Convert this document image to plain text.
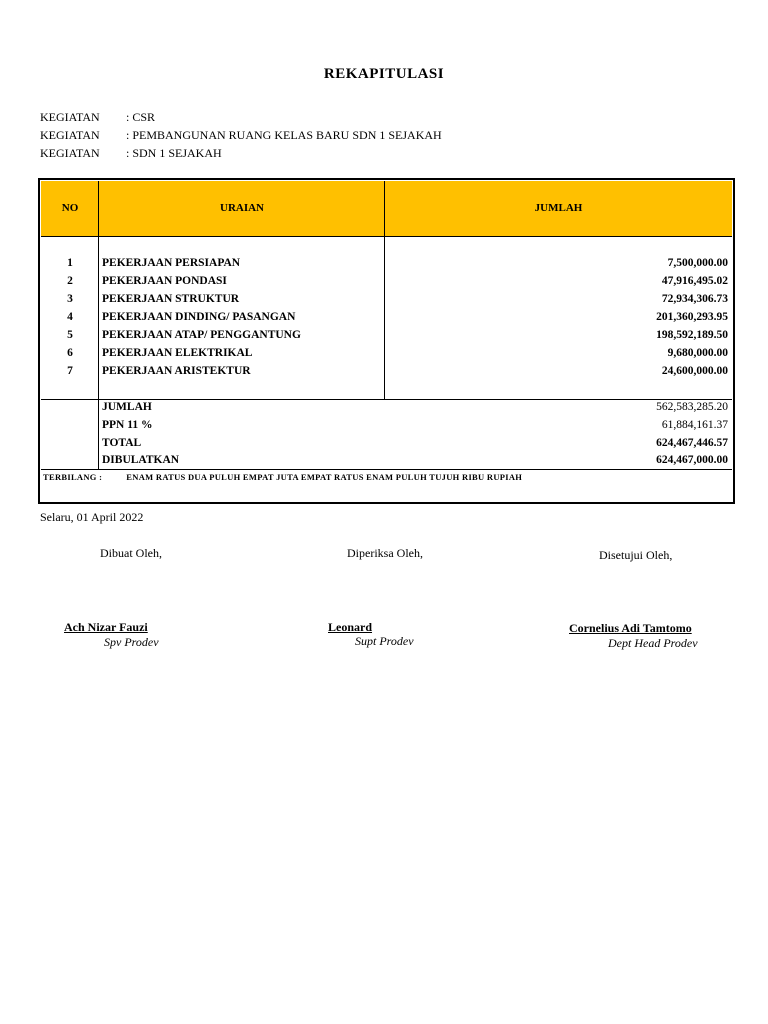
REKAPITULASI
KEGIATAN : CSR
KEGIATAN : PEMBANGUNAN RUANG KELAS BARU SDN 1 SEJAKAH
KEGIATAN : SDN 1 SEJAKAH
NO	URAIAN	JUMLAH
1	PEKERJAAN PERSIAPAN	7,500,000.00
2	PEKERJAAN PONDASI	47,916,495.02
3	PEKERJAAN STRUKTUR	72,934,306.73
4	PEKERJAAN DINDING/ PASANGAN	201,360,293.95
5	PEKERJAAN ATAP/ PENGGANTUNG	198,592,189.50
6	PEKERJAAN ELEKTRIKAL	9,680,000.00
7	PEKERJAAN ARISTEKTUR	24,600,000.00
JUMLAH	562,583,285.20
PPN 11 %	61,884,161.37
TOTAL	624,467,446.57
DIBULATKAN	624,467,000.00
TERBILANG :	ENAM RATUS DUA PULUH EMPAT JUTA EMPAT RATUS ENAM PULUH TUJUH RIBU RUPIAH
Selaru, 01 April 2022
Dibuat Oleh,
Ach Nizar Fauzi
Spv Prodev
Diperiksa Oleh,
Leonard
Supt Prodev
Disetujui Oleh,
Cornelius Adi Tamtomo
Dept Head Prodev
